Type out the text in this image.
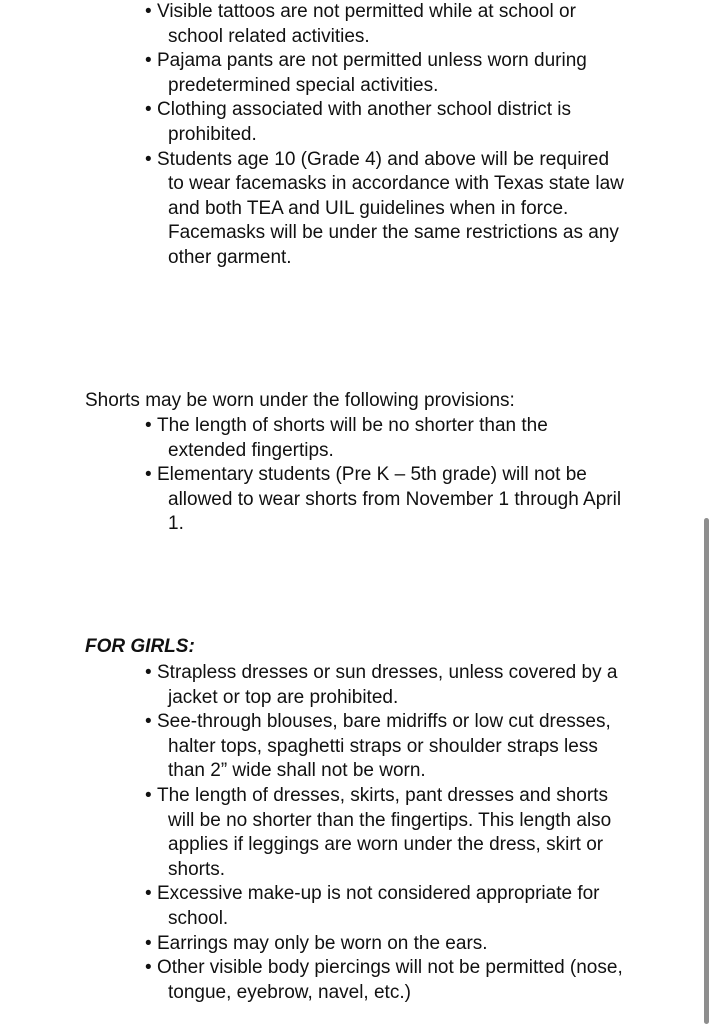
• Visible tattoos are not permitted while at school or school related activities.
• Pajama pants are not permitted unless worn during predetermined special activities.
• Clothing associated with another school district is prohibited.
• Students age 10 (Grade 4) and above will be required to wear facemasks in accordance with Texas state law and both TEA and UIL guidelines when in force. Facemasks will be under the same restrictions as any other garment.
Shorts may be worn under the following provisions:
• The length of shorts will be no shorter than the extended fingertips.
• Elementary students (Pre K – 5th grade) will not be allowed to wear shorts from November 1 through April 1.
FOR GIRLS:
• Strapless dresses or sun dresses, unless covered by a jacket or top are prohibited.
• See-through blouses, bare midriffs or low cut dresses, halter tops, spaghetti straps or shoulder straps less than 2” wide shall not be worn.
• The length of dresses, skirts, pant dresses and shorts will be no shorter than the fingertips. This length also applies if leggings are worn under the dress, skirt or shorts.
• Excessive make-up is not considered appropriate for school.
• Earrings may only be worn on the ears.
• Other visible body piercings will not be permitted (nose, tongue, eyebrow, navel, etc.)
